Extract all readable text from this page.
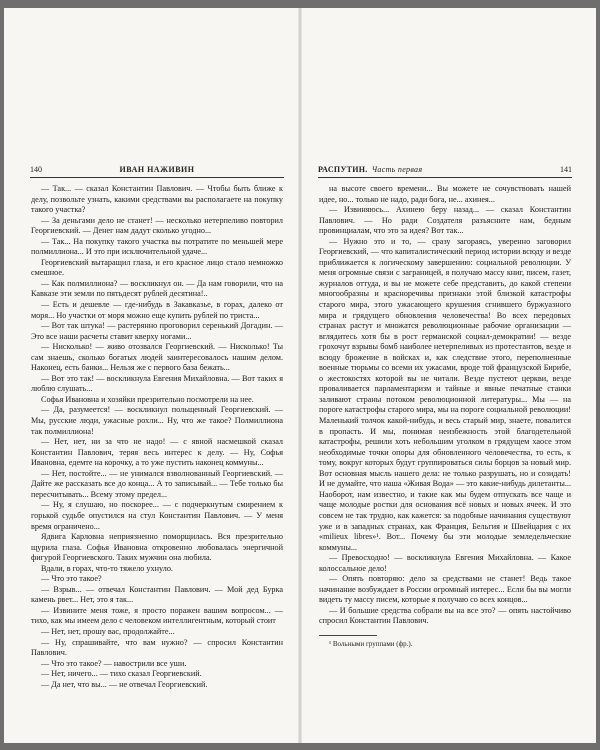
140	ИВАН НАЖИВИН

— Так... — сказал Константин Павлович. — Чтобы быть ближе к делу, позвольте узнать, какими средствами вы располагаете на покупку такого участка?

— За деньгами дело не станет! — несколько нетерпеливо повторил Георгиевский. — Денег нам дадут сколько угодно...

— Так... На покупку такого участка вы потратите по меньшей мере полмиллиона... И это при исключительной удаче...

Георгиевский вытаращил глаза, и его красное лицо стало немножко смешное.

— Как полмиллиона? — воскликнул он. — Да нам говорили, что на Кавказе эти земли по пятьдесят рублей десятина!..

— Есть и дешевле — где-нибудь в Закавказье, в горах, далеко от моря... Но участки от моря можно еще купить рублей по триста...

— Вот так штука! — растерянно проговорил серенький Догадин. — Это все наши расчеты ставит кверху ногами...

— Нисколько! — живо отозвался Георгиевский. — Нисколько! Ты сам знаешь, сколько богатых людей заинтересовалось нашим делом. Наконец, есть банки... Нельзя же с первого база бежать...

— Вот это так! — воскликнула Евгения Михайловна. — Вот таких я люблю слушать...

Софья Ивановна и хозяйки презрительно посмотрели на нее.

— Да, разумеется! — воскликнул польщенный Георгиевский. — Мы, русские люди, ужасные рохли... Ну, что же такое? Полмиллиона так полмиллиона!

— Нет, нет, ни за что не надо! — с явной насмешкой сказал Константин Павлович, теряя весь интерес к делу. — Ну, Софья Ивановна, едемте на корочку, а то уже пустить наконец коммуны...

— Нет, постойте... — не унимался взволнованный Георгиевский. — Дайте же рассказать все до конца... А то записывай... — Тебе только бы пересчитывать... Всему этому предел...

— Ну, я слушаю, но поскорее... — с подчеркнутым смирением к горькой судьбе опустился на стул Константин Павлович. — У меня время ограничено...

Ядвига Карловна неприязненно поморщилась. Вся презрительно щурила глаза. Софья Ивановна откровенно любовалась энергичной фигурой Георгиевского. Таких мужчин она любила.

Вдали, в горах, что-то тяжело ухнуло.

— Что это такое?

— Взрыв... — отвечал Константин Павлович. — Мой дед Бурка камень рвет... Нет, это я так...

— Извините меня тоже, я просто поражен вашим вопросом... — тихо, как мы имеем дело с человеком интеллигентным, который стоит

— Нет, нет, прошу вас, продолжайте...

— Ну, спрашивайте, что вам нужно? — спросил Константин Павлович.

— Что это такое? — навострили все уши.

— Нет, ничего... — тихо сказал Георгиевский.

— Да нет, что вы... — не отвечал Георгиевский.

РАСПУТИН. Часть первая	141

на высоте своего времени... Вы можете не сочувствовать нашей идее, но... только не надо, ради бога, не... ахинея...

— Извиняюсь... Ахинею беру назад... — сказал Константин Павлович. — Но ради Создателя разъясните нам, бедным провинциалам, что это за идея? Вот так...

— Нужно это и то, — сразу загораясь, уверенно заговорил Георгиевский, — что капиталистический период истории всюду и везде приближается к логическому завершению: социальной революции. У меня огромные связи с заграницей, я получаю массу книг, писем, газет, журналов оттуда, и вы не можете себе представить, до какой степени многообразны и красноречивы признаки этой близкой катастрофы старого мира, этого ужасающего крушения сгнившего буржуазного мира и грядущего обновления человечества! Во всех передовых странах растут и множатся революционные рабочие организации — вглядитесь хотя бы в рост германской социал-демократии! — везде грохочут взрывы бомб наиболее нетерпеливых из протестантов, везде и всюду брожение в войсках и, как следствие этого, переполненные военные тюрьмы со всеми их ужасами, вроде той французской Бирибе, о жестокостях которой вы не читали. Везде пустеют церкви, везде проваливается парламентаризм и тайные и явные печатные станки заливают страны потоком революционной литературы... Мы — на пороге катастрофы старого мира, мы на пороге социальной революции! Маленький толчок какой-нибудь, и весь старый мир, знаете, повалится в пропасть. И мы, понимая неизбежность этой благодетельной катастрофы, решили хоть небольшим уголком в грядущем хаосе этом необходимые точки опоры для обновленного человечества, то есть, к тому, вокруг которых будут группироваться силы борцов за новый мир. Вот основная мысль нашего дела: не только разрушать, но и созидать! И не думайте, что наша «Живая Вода» — это какие-нибудь дилетанты... Наоборот, нам известно, и такие как мы будем отпускать все чаще и чаще молодые ростки для основания всё новых и новых ячеек. И это совсем не так трудно, как кажется: за подобные начинания существуют уже и в западных странах, как Франция, Бельгия и Швейцария с их «milieux libres»¹. Вот... Почему бы эти молодые земледельческие коммуны...

— Превосходно! — воскликнула Евгения Михайловна. — Какое колоссальное дело!

— Опять повторяю: дело за средствами не станет! Ведь такое начинание возбуждает в России огромный интерес... Если бы вы могли видеть ту массу писем, которые я получаю со всех концов...

— И большие средства собрали вы на все это? — опять настойчиво спросил Константин Павлович.

¹ Вольными группами (фр.).
